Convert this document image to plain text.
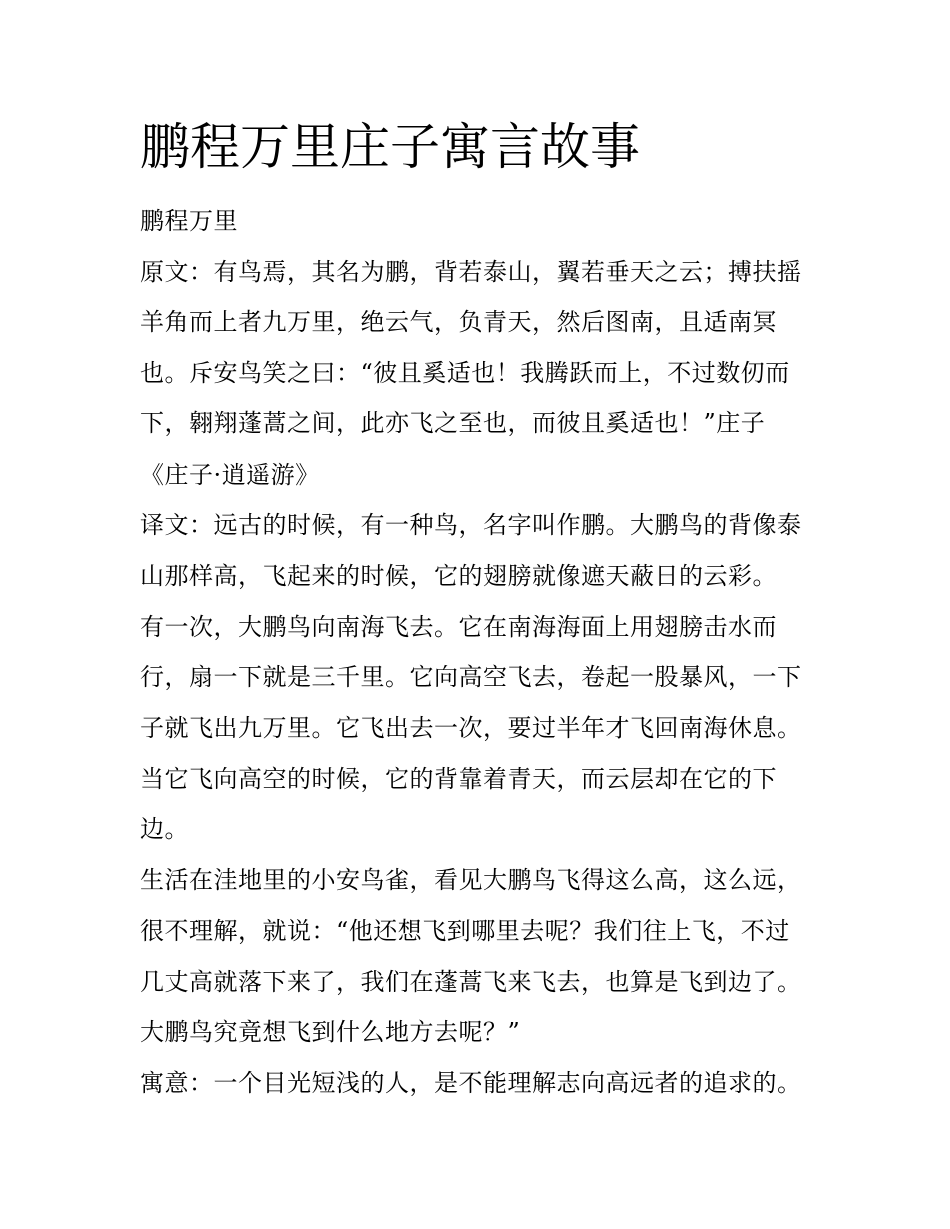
鹏程万里庄子寓言故事

鹏程万里

原文：有鸟焉，其名为鹏，背若泰山，翼若垂天之云；搏扶摇

羊角而上者九万里，绝云气，负青天，然后图南，且适南冥

也。斥安鸟笑之曰：“彼且奚适也！我腾跃而上，不过数仞而

下，翱翔蓬蒿之间，此亦飞之至也，而彼且奚适也！”庄子

《庄子·逍遥游》

译文：远古的时候，有一种鸟，名字叫作鹏。大鹏鸟的背像泰

山那样高，飞起来的时候，它的翅膀就像遮天蔽日的云彩。

有一次，大鹏鸟向南海飞去。它在南海海面上用翅膀击水而

行，扇一下就是三千里。它向高空飞去，卷起一股暴风，一下

子就飞出九万里。它飞出去一次，要过半年才飞回南海休息。

当它飞向高空的时候，它的背靠着青天，而云层却在它的下

边。

生活在洼地里的小安鸟雀，看见大鹏鸟飞得这么高，这么远，

很不理解，就说：“他还想飞到哪里去呢？我们往上飞，不过

几丈高就落下来了，我们在蓬蒿飞来飞去，也算是飞到边了。

大鹏鸟究竟想飞到什么地方去呢？”

寓意：一个目光短浅的人，是不能理解志向高远者的追求的。
